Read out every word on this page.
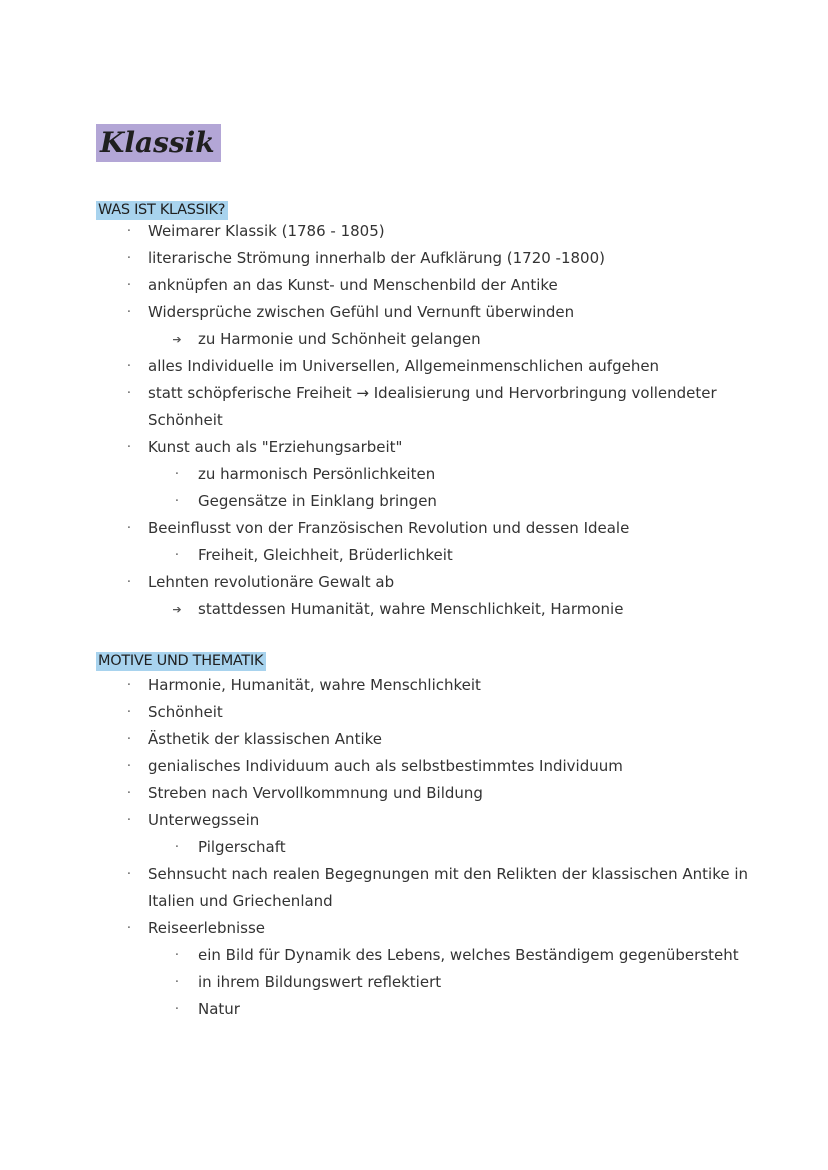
Klassik
WAS IST KLASSIK?
· Weimarer Klassik (1786 - 1805)
· literarische Strömung innerhalb der Aufklärung (1720 -1800)
· anknüpfen an das Kunst- und Menschenbild der Antike
· Widersprüche zwischen Gefühl und Vernunft überwinden
➔ zu Harmonie und Schönheit gelangen
· alles Individuelle im Universellen, Allgemeinmenschlichen aufgehen
· statt schöpferische Freiheit → Idealisierung und Hervorbringung vollendeter
Schönheit
· Kunst auch als "Erziehungsarbeit"
· zu harmonisch Persönlichkeiten
· Gegensätze in Einklang bringen
· Beeinflusst von der Französischen Revolution und dessen Ideale
· Freiheit, Gleichheit, Brüderlichkeit
· Lehnten revolutionäre Gewalt ab
➔ stattdessen Humanität, wahre Menschlichkeit, Harmonie
MOTIVE UND THEMATIK
· Harmonie, Humanität, wahre Menschlichkeit
· Schönheit
· Ästhetik der klassischen Antike
· genialisches Individuum auch als selbstbestimmtes Individuum
· Streben nach Vervollkommnung und Bildung
· Unterwegssein
· Pilgerschaft
· Sehnsucht nach realen Begegnungen mit den Relikten der klassischen Antike in
Italien und Griechenland
· Reiseerlebnisse
· ein Bild für Dynamik des Lebens, welches Beständigem gegenübersteht
· in ihrem Bildungswert reflektiert
· Natur
